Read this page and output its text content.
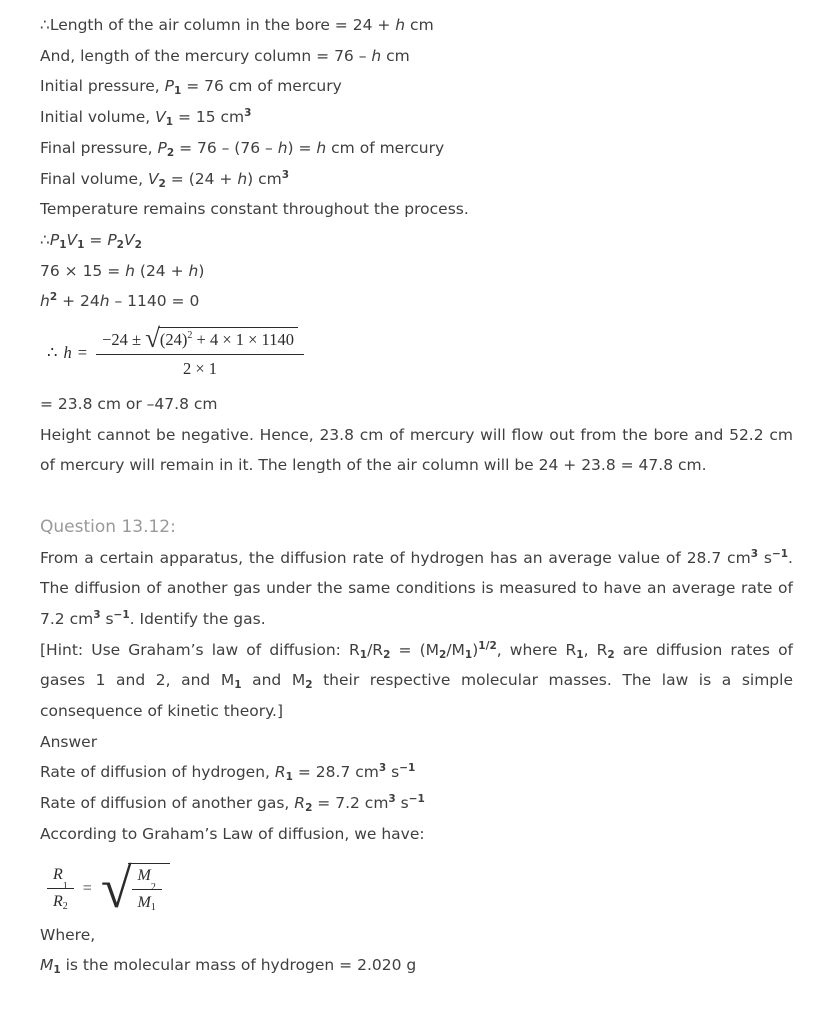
∴Length of the air column in the bore = 24 + h cm
And, length of the mercury column = 76 – h cm
Initial pressure, $P_1 = 76$ cm of mercury
Initial volume, $V_1 = 15$ $cm^3$
Final pressure, $P_2 = 76 - (76 - h) = h$ cm of mercury
Final volume, $V_2 = (24 + h)$ $cm^3$
Temperature remains constant throughout the process.
$\therefore P_1V_1 = P_2V_2$
76 × 15 = h (24 + h)
$h^2 + 24h - 1140 = 0$
∴ $h = \frac{-24 \pm √ (24)^2 + 4 \times 1 \times 1140}{2 \times 1}$
= 23.8 cm or –47.8 cm
Height cannot be negative. Hence, 23.8 cm of mercury will flow out from the bore and 52.2 cm of mercury will remain in it. The length of the air column will be 24 + 23.8 = 47.8 cm.
Question 13.12:
From a certain apparatus, the diffusion rate of hydrogen has an average value of 28.7 $cm^3$ $s^{-1}$. The diffusion of another gas under the same conditions is measured to have an average rate of 7.2 $cm^3$ $s^{-1}$. Identify the gas.
[Hint: Use Graham’s law of diffusion: $R_1/R_2 = (M_2/M_1)^{1/2}$, where $R_1$, $R_2$ are diffusion rates of gases 1 and 2, and $M_1$ and $M_2$ their respective molecular masses. The law is a simple consequence of kinetic theory.]
Answer
Rate of diffusion of hydrogen, $R_1 = 28.7$ $cm^3$ $s^{-1}$
Rate of diffusion of another gas, $R_2 = 7.2$ $cm^3$ $s^{-1}$
According to Graham’s Law of diffusion, we have:
R
$_1$
$R_2$ = √ M
$_2$
$M_1$
Where,
$M_1$ is the molecular mass of hydrogen = 2.020 g
